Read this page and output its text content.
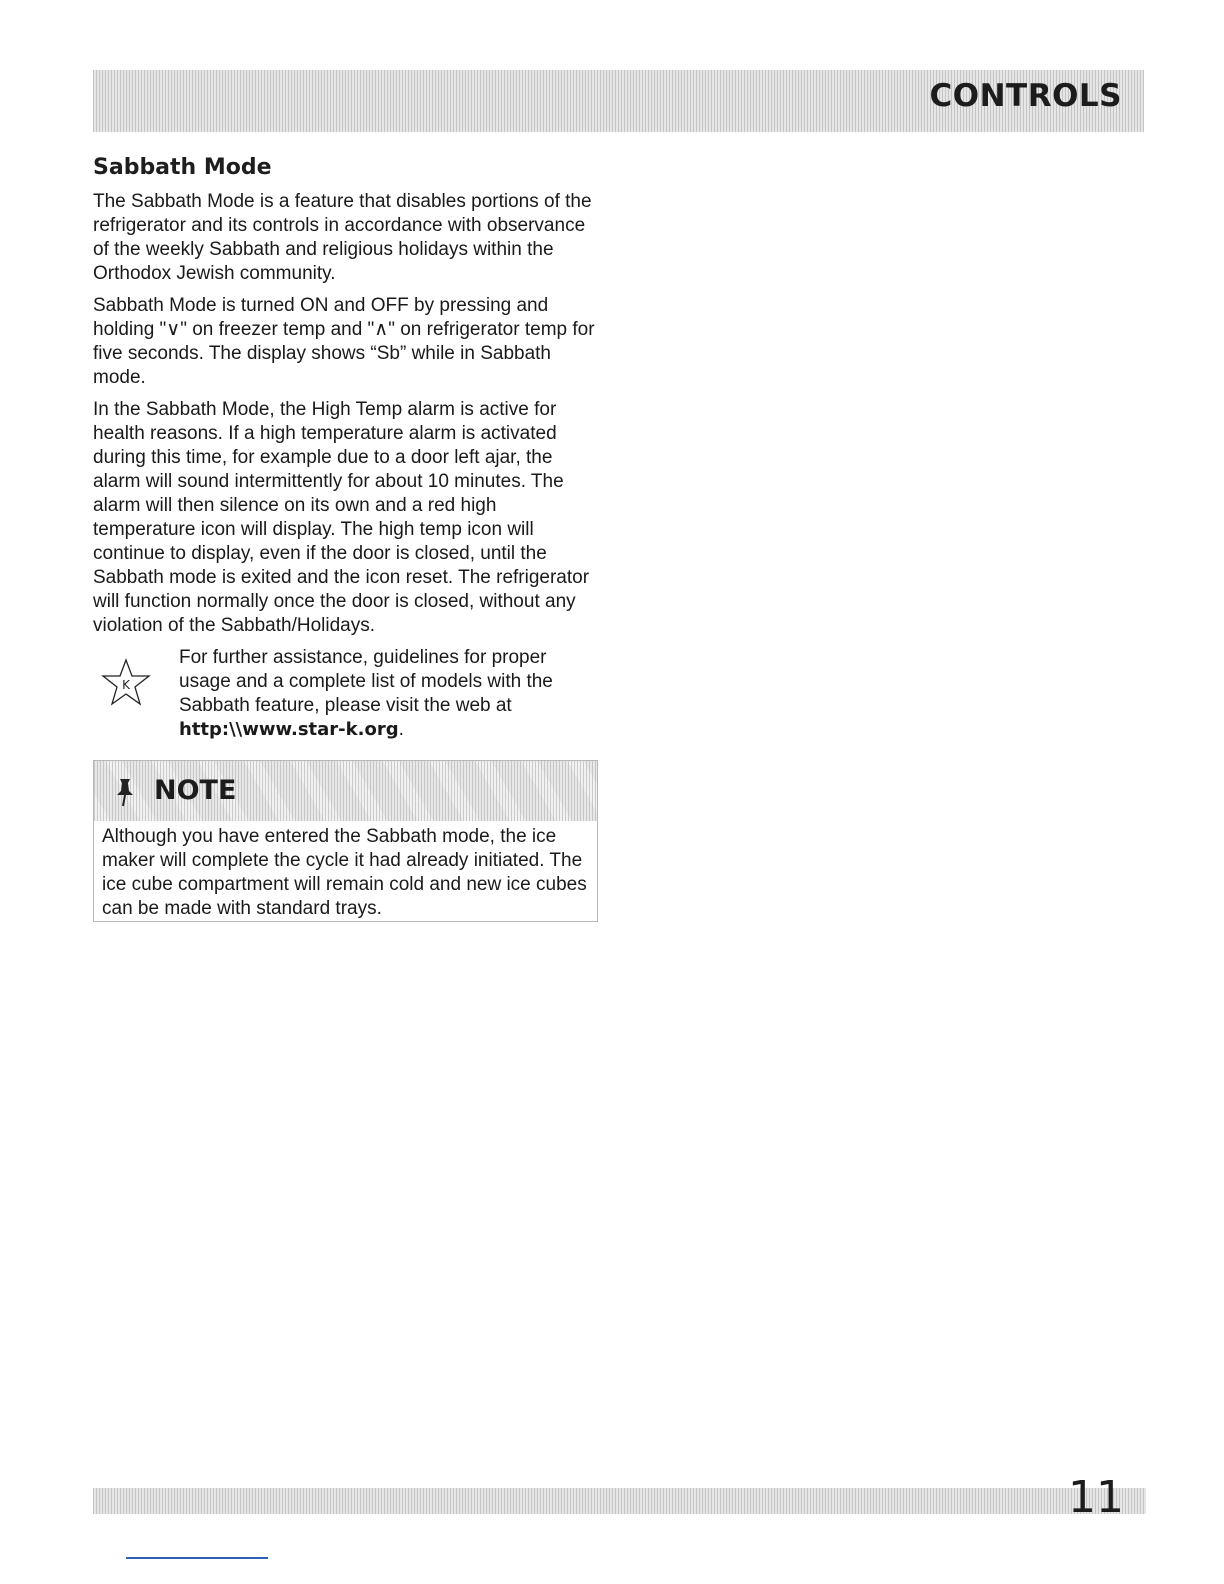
CONTROLS
Sabbath Mode

The Sabbath Mode is a feature that disables portions of the refrigerator and its controls in accordance with observance of the weekly Sabbath and religious holidays within the Orthodox Jewish community.

Sabbath Mode is turned ON and OFF by pressing and holding "∨" on freezer temp and "∧" on refrigerator temp for five seconds. The display shows “Sb” while in Sabbath mode.

In the Sabbath Mode, the High Temp alarm is active for health reasons. If a high temperature alarm is activated during this time, for example due to a door left ajar, the alarm will sound intermittently for about 10 minutes. The alarm will then silence on its own and a red high temperature icon will display. The high temp icon will continue to display, even if the door is closed, until the Sabbath mode is exited and the icon reset. The refrigerator will function normally once the door is closed, without any violation of the Sabbath/Holidays.

K
For further assistance, guidelines for proper usage and a complete list of models with the Sabbath feature, please visit the web at http:\\www.star-k.org.
NOTE

Although you have entered the Sabbath mode, the ice maker will complete the cycle it had already initiated. The ice cube compartment will remain cold and new ice cubes can be made with standard trays.

11
